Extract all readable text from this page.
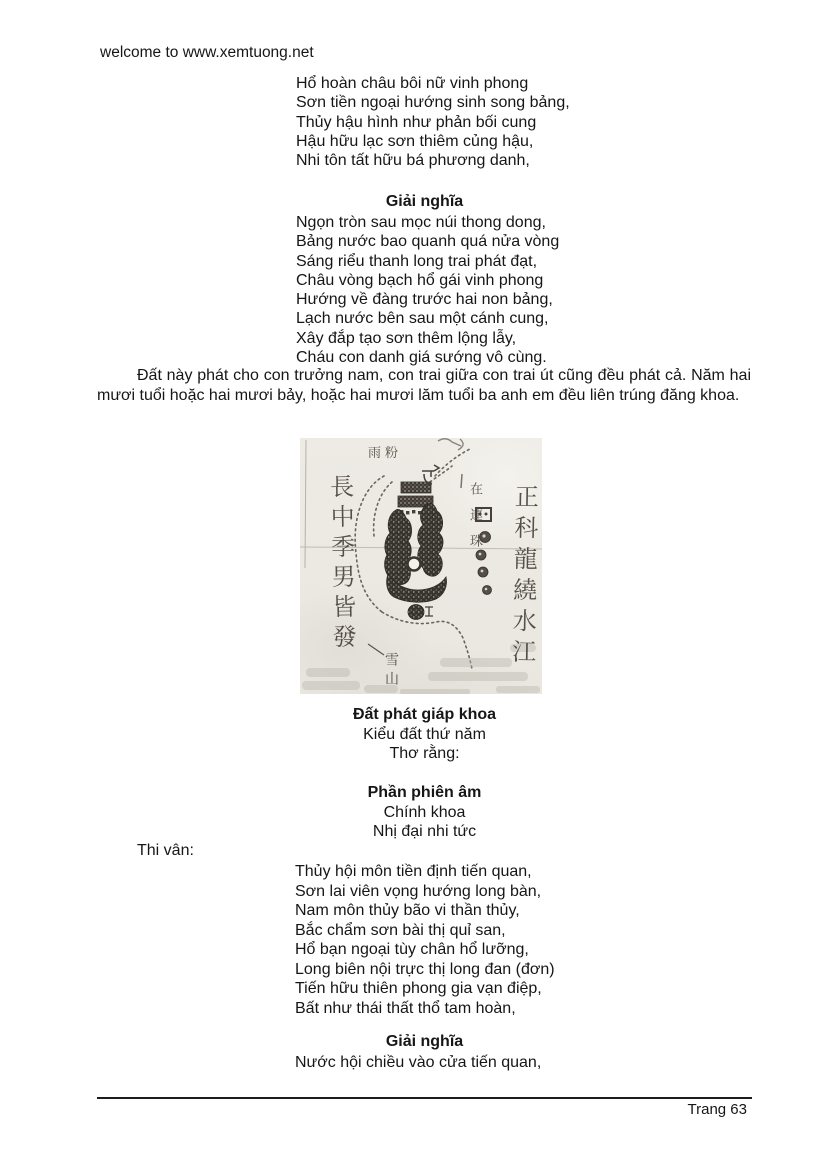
welcome to www.xemtuong.net
Hổ hoàn châu bôi nữ vinh phong
Sơn tiền ngoại hướng sinh song bảng,
Thủy hậu hình như phản bối cung
Hậu hữu lạc sơn thiêm củng hậu,
Nhi tôn tất hữu bá phương danh,
Giải nghĩa
Ngọn tròn sau mọc núi thong dong,
Bảng nước bao quanh quá nửa vòng
Sáng riểu thanh long trai phát đạt,
Châu vòng bạch hổ gái vinh phong
Hướng về đàng trước hai non bảng,
Lạch nước bên sau một cánh cung,
Xây đắp tạo sơn thêm lộng lẫy,
Cháu con danh giá sướng vô cùng.
Đất này phát cho con trưởng nam, con trai giữa con trai út cũng đều phát cả. Năm hai mươi tuổi hoặc hai mươi bảy, hoặc hai mươi lăm tuổi ba anh em đều liên trúng đăng khoa.
長中季男皆發	正科龍繞水江
在連珠
雨粉
雪山
Đất phát giáp khoa
Kiểu đất thứ năm
Thơ rằng:
Phần phiên âm
Chính khoa
Nhị đại nhi tức
Thi vân:
Thủy hội môn tiền định tiến quan,
Sơn lai viên vọng hướng long bàn,
Nam môn thủy bão vi thần thủy,
Bắc chẩm sơn bài thị quỉ san,
Hổ bạn ngoại tùy chân hổ lưỡng,
Long biên nội trực thị long đan (đơn)
Tiến hữu thiên phong gia vạn điệp,
Bất như thái thất thổ tam hoàn,
Giải nghĩa
Nước hội chiều vào cửa tiến quan,
Trang 63
